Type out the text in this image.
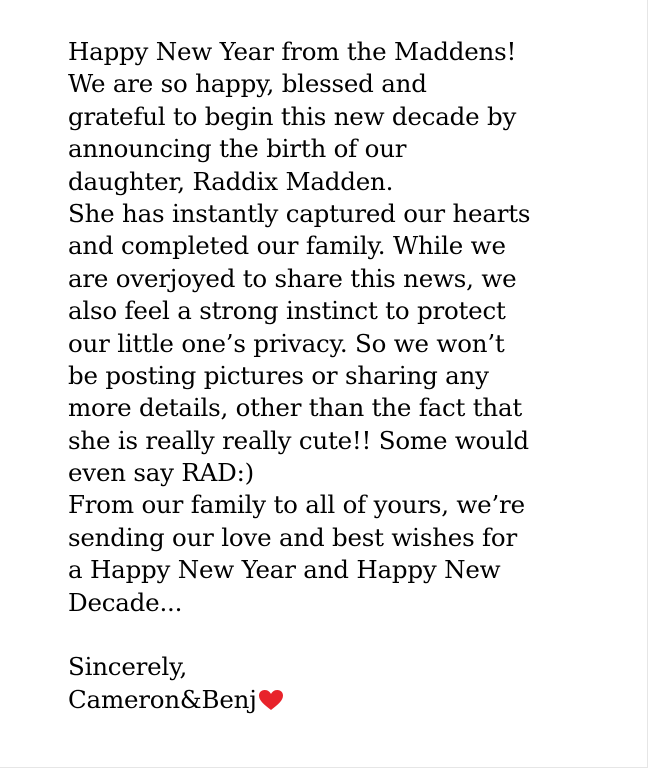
Happy New Year from the Maddens!
We are so happy, blessed and
grateful to begin this new decade by
announcing the birth of our
daughter, Raddix Madden.
She has instantly captured our hearts
and completed our family. While we
are overjoyed to share this news, we
also feel a strong instinct to protect
our little one’s privacy. So we won’t
be posting pictures or sharing any
more details, other than the fact that
she is really really cute!! Some would
even say RAD:)
From our family to all of yours, we’re
sending our love and best wishes for
a Happy New Year and Happy New
Decade...
Sincerely,
Cameron&Benj
